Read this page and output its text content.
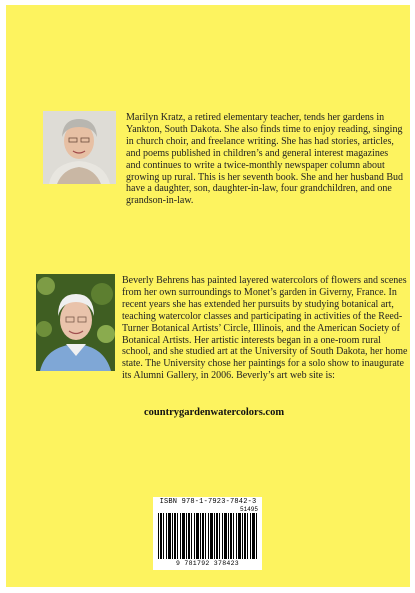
Marilyn Kratz, a retired elementary teacher, tends her gardens in Yankton, South Dakota. She also finds time to enjoy reading, singing in church choir, and freelance writing. She has had stories, articles, and poems published in children’s and general interest magazines and continues to write a twice-monthly newspaper column about growing up rural. This is her seventh book. She and her husband Bud have a daughter, son, daughter-in-law, four grandchildren, and one grandson-in-law.

Beverly Behrens has painted layered watercolors of flowers and scenes from her own surroundings to Monet’s garden in Giverny, France. In recent years she has extended her pursuits by studying botanical art, teaching watercolor classes and participating in activities of the Reed-Turner Botanical Artists’ Circle, Illinois, and the American Society of Botanical Artists. Her artistic interests began in a one-room rural school, and she studied art at the University of South Dakota, her home state. The University chose her paintings for a solo show to inaugurate its Alumni Gallery, in 2006. Beverly’s art web site is:

countrygardenwatercolors.com
ISBN 978-1-7923-7842-3
51495
9 781792 378423
